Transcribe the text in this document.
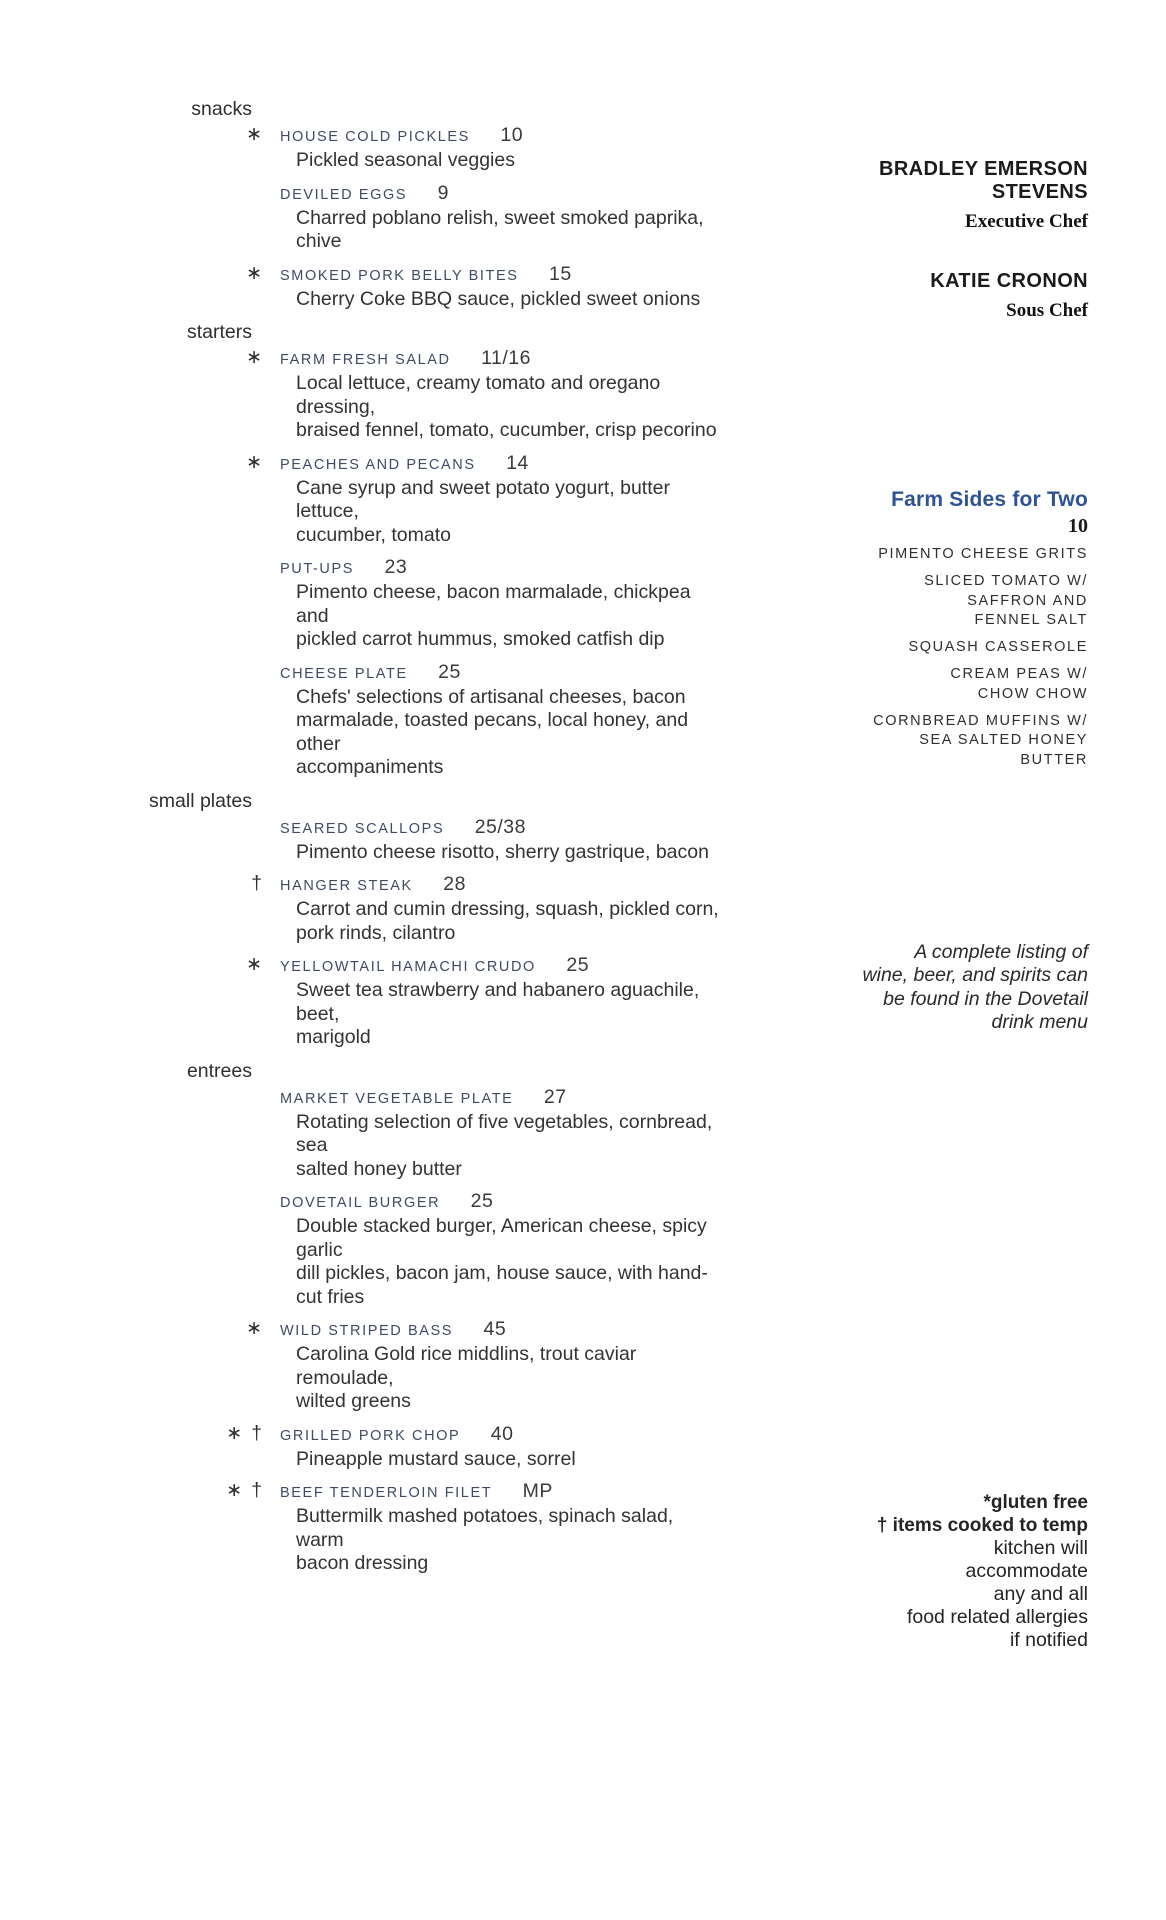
snacks
∗ HOUSE COLD PICKLES 10
Pickled seasonal veggies
DEVILED EGGS 9
Charred poblano relish, sweet smoked paprika, chive
∗ SMOKED PORK BELLY BITES 15
Cherry Coke BBQ sauce, pickled sweet onions
starters
∗ FARM FRESH SALAD 11/16
Local lettuce, creamy tomato and oregano dressing,
braised fennel, tomato, cucumber, crisp pecorino
∗ PEACHES AND PECANS 14
Cane syrup and sweet potato yogurt, butter lettuce,
cucumber, tomato
PUT-UPS 23
Pimento cheese, bacon marmalade, chickpea and
pickled carrot hummus, smoked catfish dip
CHEESE PLATE 25
Chefs' selections of artisanal cheeses, bacon
marmalade, toasted pecans, local honey, and other
accompaniments
small plates
SEARED SCALLOPS 25/38
Pimento cheese risotto, sherry gastrique, bacon
† HANGER STEAK 28
Carrot and cumin dressing, squash, pickled corn,
pork rinds, cilantro
∗ YELLOWTAIL HAMACHI CRUDO 25
Sweet tea strawberry and habanero aguachile, beet,
marigold
entrees
MARKET VEGETABLE PLATE 27
Rotating selection of five vegetables, cornbread, sea
salted honey butter
DOVETAIL BURGER 25
Double stacked burger, American cheese, spicy garlic
dill pickles, bacon jam, house sauce, with hand-cut fries
∗ WILD STRIPED BASS 45
Carolina Gold rice middlins, trout caviar remoulade,
wilted greens
∗ † GRILLED PORK CHOP 40
Pineapple mustard sauce, sorrel
∗ † BEEF TENDERLOIN FILET MP
Buttermilk mashed potatoes, spinach salad, warm
bacon dressing
BRADLEY EMERSON STEVENS
Executive Chef
KATIE CRONON
Sous Chef
Farm Sides for Two
10
PIMENTO CHEESE GRITS
SLICED TOMATO W/
SAFFRON AND
FENNEL SALT
SQUASH CASSEROLE
CREAM PEAS W/
CHOW CHOW
CORNBREAD MUFFINS W/
SEA SALTED HONEY
BUTTER
A complete listing of
wine, beer, and spirits can
be found in the Dovetail
drink menu
*gluten free
† items cooked to temp
kitchen will
accommodate
any and all
food related allergies
if notified
